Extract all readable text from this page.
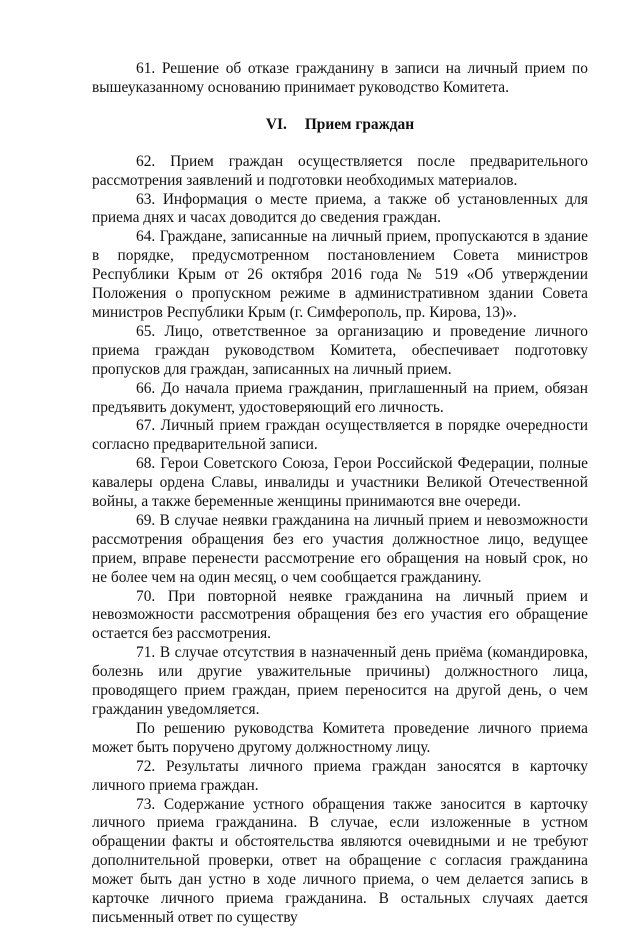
61. Решение об отказе гражданину в записи на личный прием по вышеуказанному основанию принимает руководство Комитета.

VI. Прием граждан

62. Прием граждан осуществляется после предварительного рассмотрения заявлений и подготовки необходимых материалов.

63. Информация о месте приема, а также об установленных для приема днях и часах доводится до сведения граждан.

64. Граждане, записанные на личный прием, пропускаются в здание в порядке, предусмотренном постановлением Совета министров Республики Крым от 26 октября 2016 года № 519 «Об утверждении Положения о пропускном режиме в административном здании Совета министров Республики Крым (г. Симферополь, пр. Кирова, 13)».

65. Лицо, ответственное за организацию и проведение личного приема граждан руководством Комитета, обеспечивает подготовку пропусков для граждан, записанных на личный прием.

66. До начала приема гражданин, приглашенный на прием, обязан предъявить документ, удостоверяющий его личность.

67. Личный прием граждан осуществляется в порядке очередности согласно предварительной записи.

68. Герои Советского Союза, Герои Российской Федерации, полные кавалеры ордена Славы, инвалиды и участники Великой Отечественной войны, а также беременные женщины принимаются вне очереди.

69. В случае неявки гражданина на личный прием и невозможности рассмотрения обращения без его участия должностное лицо, ведущее прием, вправе перенести рассмотрение его обращения на новый срок, но не более чем на один месяц, о чем сообщается гражданину.

70. При повторной неявке гражданина на личный прием и невозможности рассмотрения обращения без его участия его обращение остается без рассмотрения.

71. В случае отсутствия в назначенный день приёма (командировка, болезнь или другие уважительные причины) должностного лица, проводящего прием граждан, прием переносится на другой день, о чем гражданин уведомляется.

По решению руководства Комитета проведение личного приема может быть поручено другому должностному лицу.

72. Результаты личного приема граждан заносятся в карточку личного приема граждан.

73. Содержание устного обращения также заносится в карточку личного приема гражданина. В случае, если изложенные в устном обращении факты и обстоятельства являются очевидными и не требуют дополнительной проверки, ответ на обращение с согласия гражданина может быть дан устно в ходе личного приема, о чем делается запись в карточке личного приема гражданина. В остальных случаях дается письменный ответ по существу
